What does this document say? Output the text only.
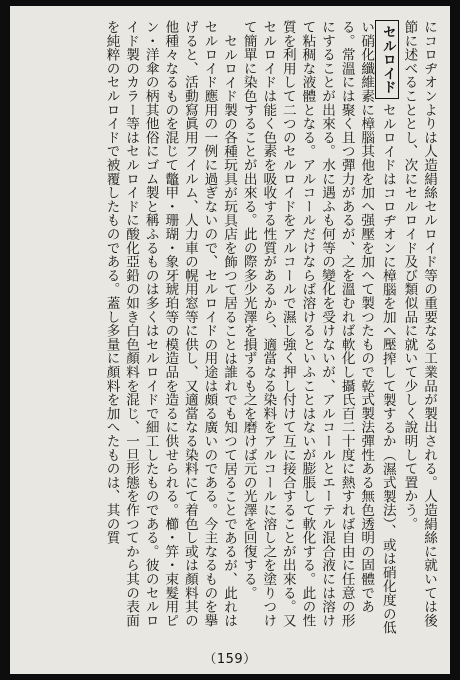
にコロヂオンよりは人造絹絲セルロイド等の重要なる工業品が製出される。人造絹絲に就いては後節に述べることとし、次にセルロイド及び類似品に就いて少しく說明して置かう。

セルロイドセルロイドはコロヂオンに樟腦を加へ壓搾して製するか（濕式製法）、或は硝化度の低い硝化纖維素に樟腦其他を加へ强壓を加へて製つたもので乾式製法彈性ある無色透明の固體である。常溫には聚く且つ彈力があるが、之を溫むれば軟化し攝氏百二十度に熱すれば自由に任意の形にすることが出來る。水に遇ふも何等の變化を受けないが、アルコールとエーテル混合液には溶けて粘稠な液體となる。アルコールだけならば溶けるといふことはないが膨脹して軟化する。此の性質を利用して二つのセルロイドをアルコールで濕し強く押し付けて互に接合することが出來る。又セルロイドは能く色素を吸收する性質があるから、適當なる染料をアルコールに溶し之を塗りつけて簡單に染色することが出來る。此の際多少光澤を損ずるも之を磨けば元の光澤を回復する。

セルロイド製の各種玩具が玩具店を飾つて居ることは誰れでも知つて居ることであるが、此れはセルロイド應用の一例に過ぎないので、セルロイドの用途は頗る廣いのである。今主なるものを擧げると、活動寫眞用フイルム、人力車の幌用窓等に供し、又適當なる染料にて着色し或は顏料其の他種々なるものを混じて鼈甲・珊瑚・象牙琥珀等の模造品を造るに供せられる。櫛・笄・束髮用ピン・洋傘の柄其他俗にゴム製と稱ふるものは多くはセルロイドで細工したものである。彼のセルロイド製のカラー等はセルロイドに酸化亞鉛の如き白色顏料を混じ、一旦形態を作つてから其の表面を純粹のセルロイドで被覆したものである。蓋し多量に顏料を加へたものは、其の質

（159）
